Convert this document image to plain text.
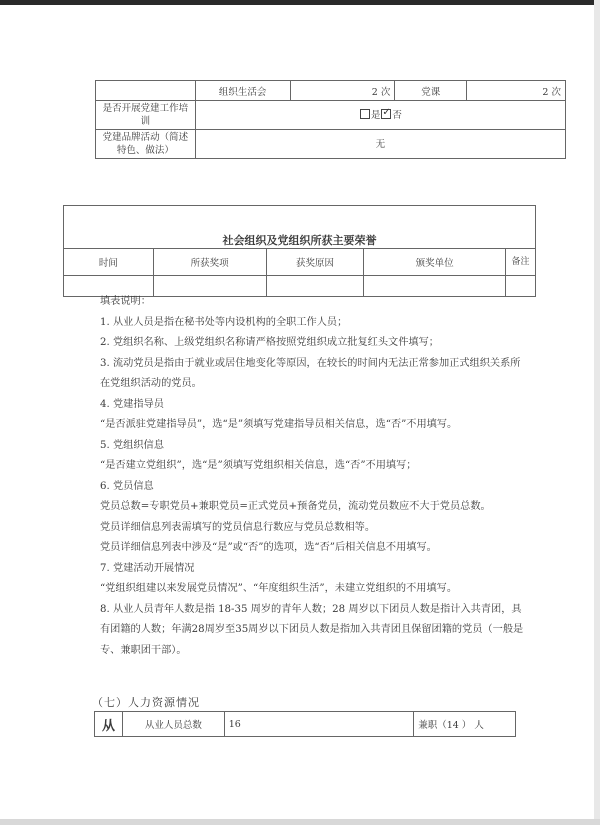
	组织生活会	2 次	党课	2 次
是否开展党建工作培训	是 ✓ 否
党建品牌活动（简述特色、做法）	无			
社会组织及党组织所获主要荣誉				
时间	所获奖项	获奖原因	颁奖单位	备注

填表说明：

1. 从业人员是指在秘书处等内设机构的全职工作人员；

2. 党组织名称、上级党组织名称请严格按照党组织成立批复红头文件填写；

3. 流动党员是指由于就业或居住地变化等原因，在较长的时间内无法正常参加正式组织关系所在党组织活动的党员。

4. 党建指导员

“是否派驻党建指导员”，选“是”须填写党建指导员相关信息，选“否”不用填写。

5. 党组织信息

“是否建立党组织”，选“是”须填写党组织相关信息，选“否”不用填写；

6. 党员信息

党员总数=专职党员+兼职党员=正式党员+预备党员，流动党员数应不大于党员总数。

党员详细信息列表需填写的党员信息行数应与党员总数相等。

党员详细信息列表中涉及“是”或“否”的选项，选“否”后相关信息不用填写。

7. 党建活动开展情况

“党组织组建以来发展党员情况”、“年度组织生活”，未建立党组织的不用填写。

8. 从业人员青年人数是指 18-35 周岁的青年人数；28 周岁以下团员人数是指计入共青团，具有团籍的人数；年满28周岁至35周岁以下团员人数是指加入共青团且保留团籍的党员（一般是专、兼职团干部）。

（七）人力资源情况
从	从业人员总数	16	兼职（14 ） 人
